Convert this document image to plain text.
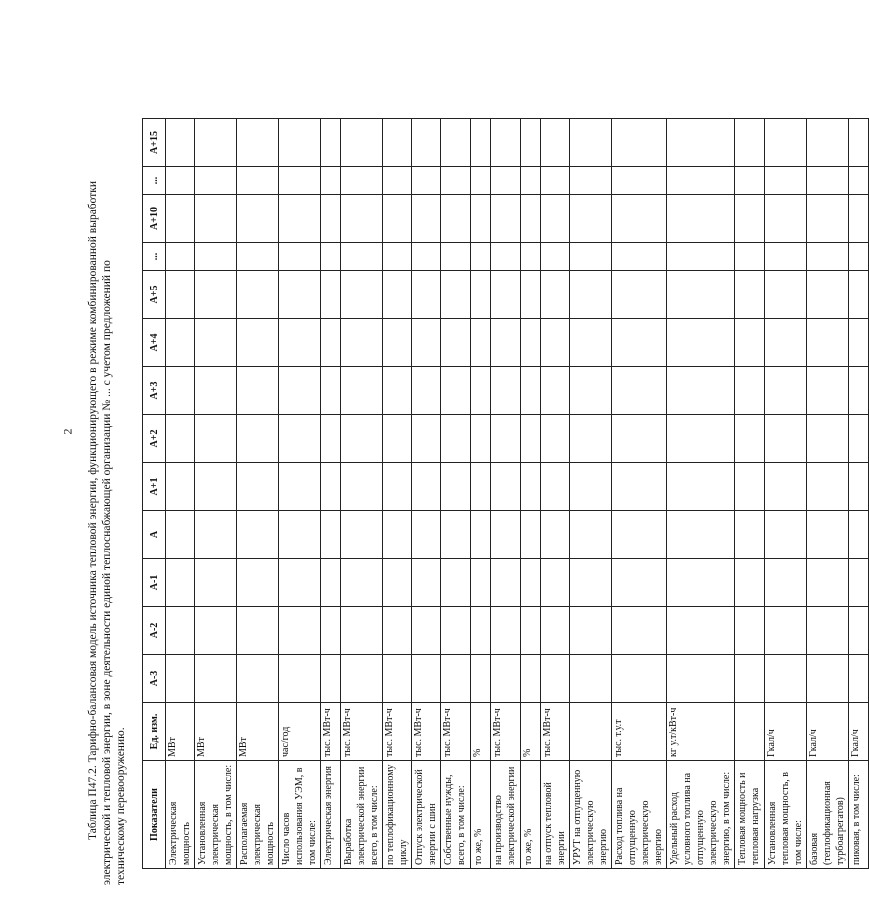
2 Таблица П47.2. Тарифно-балансовая модель источника тепловой энергии, функционирующего в режиме комбинированной выработки электрической и тепловой энергии, в зоне деятельности единой теплоснабжающей организации № ... с учетом предложений по техническому перевооружению. Показатели	Ед. изм.	А-3	А-2	А-1	А	А+1	А+2	А+3	А+4	А+5	...	А+10	...	А+15
Электрическая мощность	МВт													
Установленная электрическая мощность, в том числе:	МВт													
Располагаемая электрическая мощность	МВт													
Число часов использования УЭМ, в том числе:	час/год													
Электрическая энергия	тыс. МВт-ч													
Выработка электрической энергии всего, в том числе:	тыс. МВт-ч													
по теплофикационному циклу	тыс. МВт-ч													
Отпуск электрической энергии с шин	тыс. МВт-ч													
Собственные нужды, всего, в том числе:	тыс. МВт-ч													
то же, %	%													
на производство электрической энергии	тыс. МВт-ч													
то же, %	%													
на отпуск тепловой энергии	тыс. МВт-ч													
УРУТ на отпущенную электрическую энергию														
Расход топлива на отпущенную электрическую энергию	тыс. т.у.т													
Удельный расход условного топлива на отпущенную электрическую энергию, в том числе:	кг у.т/кВт-ч													
Тепловая мощность и тепловая нагрузка														
Установленная тепловая мощность, в том числе:	Гкал/ч													
базовая (теплофикационная турбоагрегатов)	Гкал/ч													
пиковая, в том числе:	Гкал/ч													
